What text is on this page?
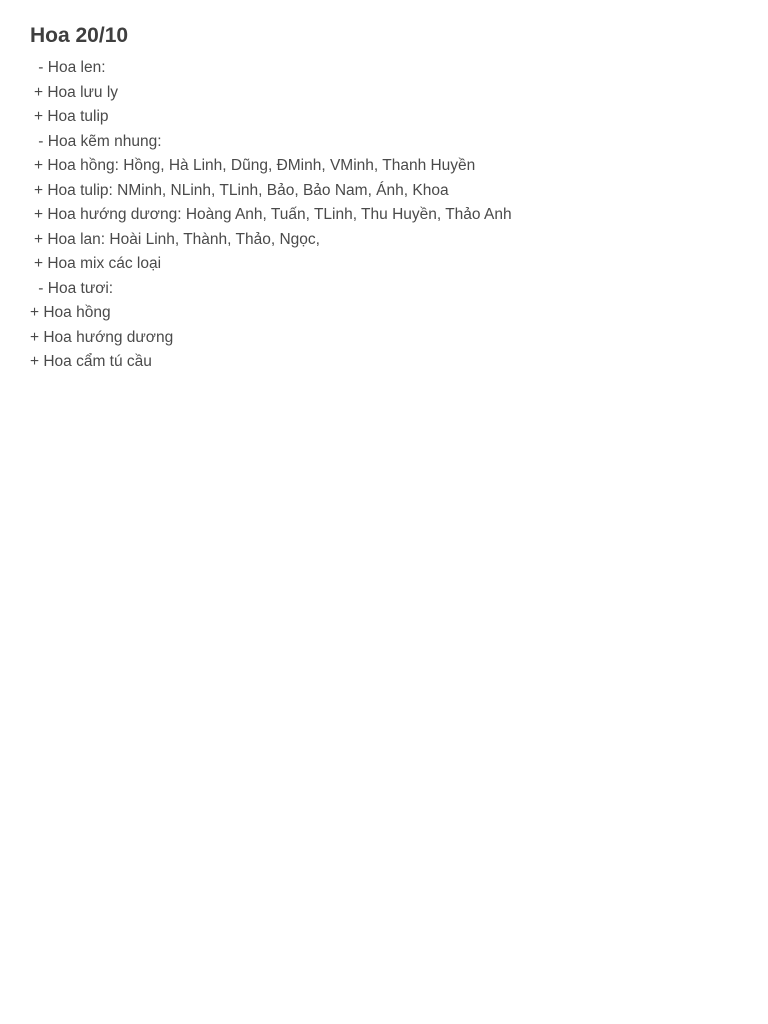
Hoa 20/10
- Hoa len:
+ Hoa lưu ly
+ Hoa tulip
- Hoa kẽm nhung:
+ Hoa hồng: Hồng, Hà Linh, Dũng, ĐMinh, VMinh, Thanh Huyền
+ Hoa tulip: NMinh, NLinh, TLinh, Bảo, Bảo Nam, Ánh, Khoa
+ Hoa hướng dương: Hoàng Anh, Tuấn, TLinh, Thu Huyền, Thảo Anh
+ Hoa lan: Hoài Linh, Thành, Thảo, Ngọc,
+ Hoa mix các loại
- Hoa tươi:
+ Hoa hồng
+ Hoa hướng dương
+ Hoa cẩm tú cầu
